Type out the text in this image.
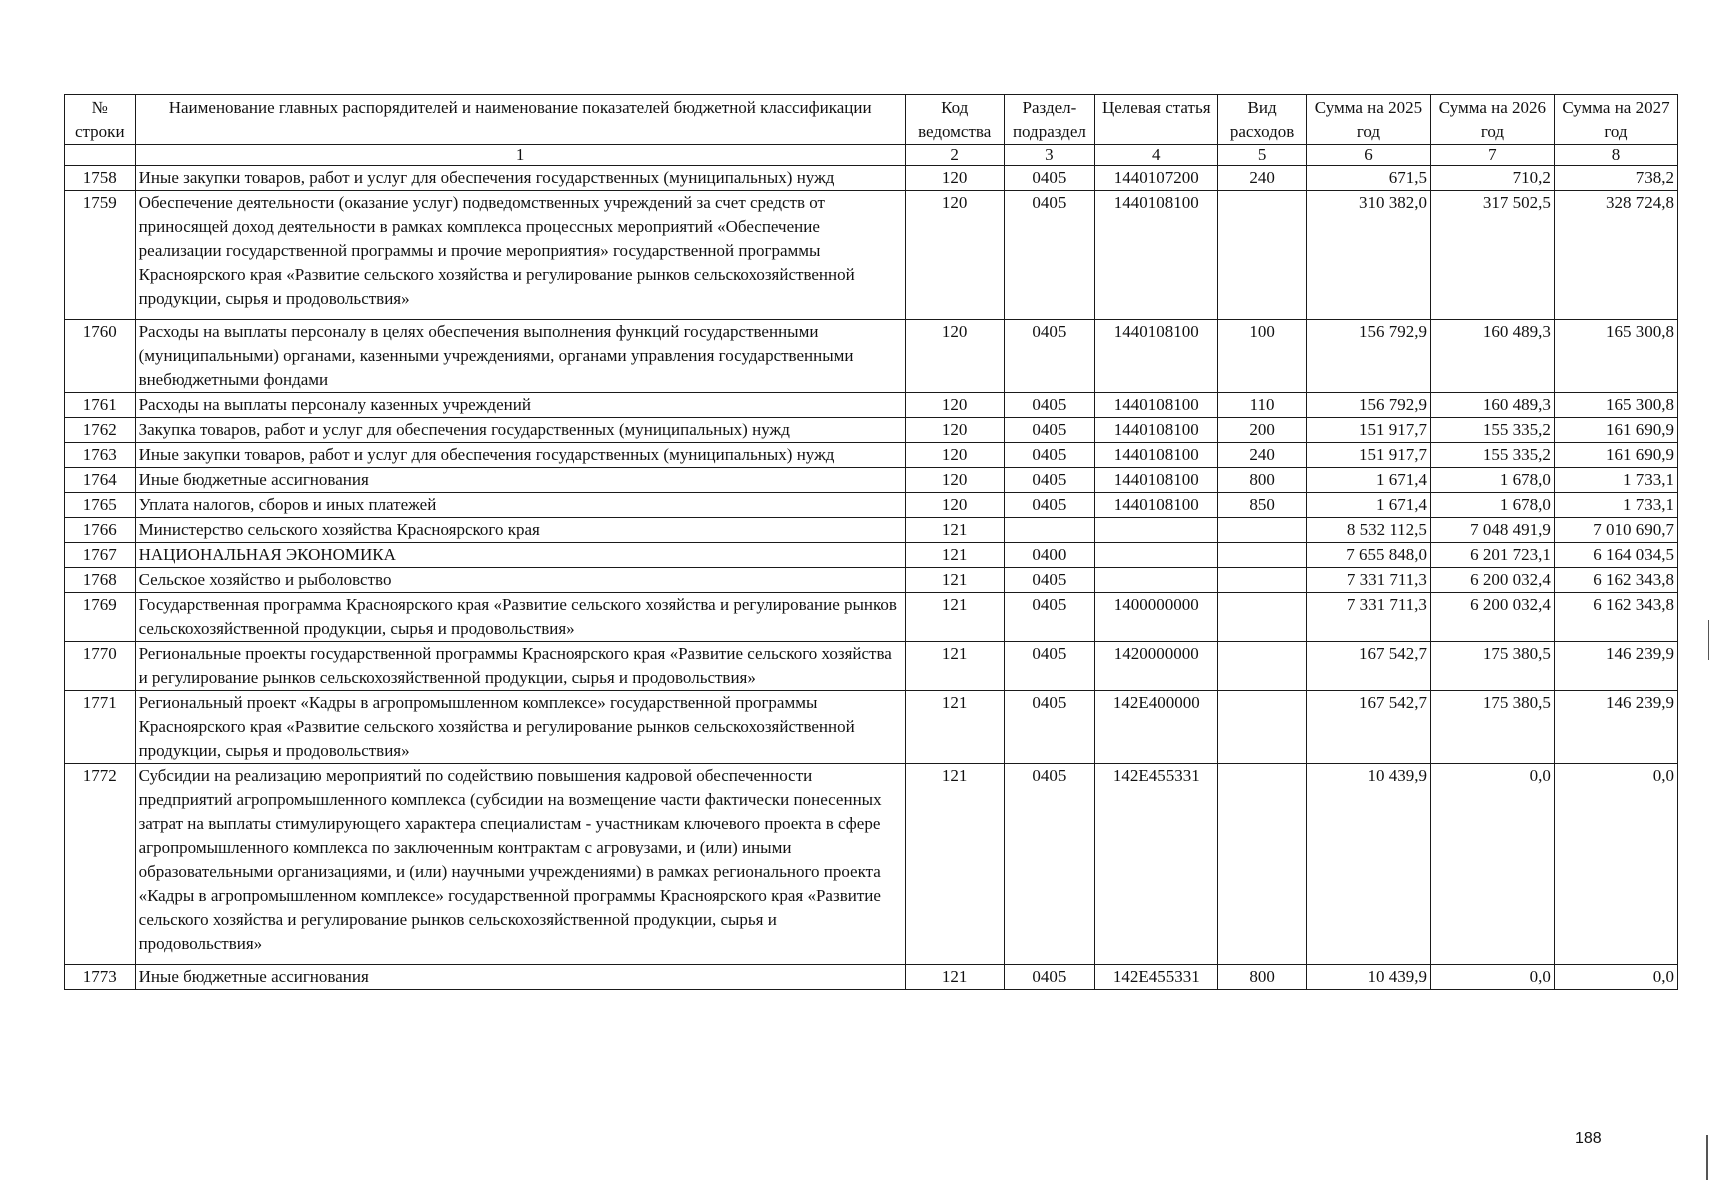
№ строки	Наименование главных распорядителей и наименование показателей бюджетной классификации	Код ведомства	Раздел-подраздел	Целевая статья	Вид расходов	Сумма на 2025 год	Сумма на 2026 год	Сумма на 2027 год
	1	2	3	4	5	6	7	8
1758	Иные закупки товаров, работ и услуг для обеспечения государственных (муниципальных) нужд	120	0405	1440107200	240	671,5	710,2	738,2
1759	Обеспечение деятельности (оказание услуг) подведомственных учреждений за счет средств от приносящей доход деятельности в рамках комплекса процессных мероприятий «Обеспечение реализации государственной программы и прочие мероприятия» государственной программы Красноярского края «Развитие сельского хозяйства и регулирование рынков сельскохозяйственной продукции, сырья и продовольствия»	120	0405	1440108100		310 382,0	317 502,5	328 724,8
1760	Расходы на выплаты персоналу в целях обеспечения выполнения функций государственными (муниципальными) органами, казенными учреждениями, органами управления государственными внебюджетными фондами	120	0405	1440108100	100	156 792,9	160 489,3	165 300,8
1761	Расходы на выплаты персоналу казенных учреждений	120	0405	1440108100	110	156 792,9	160 489,3	165 300,8
1762	Закупка товаров, работ и услуг для обеспечения государственных (муниципальных) нужд	120	0405	1440108100	200	151 917,7	155 335,2	161 690,9
1763	Иные закупки товаров, работ и услуг для обеспечения государственных (муниципальных) нужд	120	0405	1440108100	240	151 917,7	155 335,2	161 690,9
1764	Иные бюджетные ассигнования	120	0405	1440108100	800	1 671,4	1 678,0	1 733,1
1765	Уплата налогов, сборов и иных платежей	120	0405	1440108100	850	1 671,4	1 678,0	1 733,1
1766	Министерство сельского хозяйства Красноярского края	121				8 532 112,5	7 048 491,9	7 010 690,7
1767	НАЦИОНАЛЬНАЯ ЭКОНОМИКА	121	0400			7 655 848,0	6 201 723,1	6 164 034,5
1768	Сельское хозяйство и рыболовство	121	0405			7 331 711,3	6 200 032,4	6 162 343,8
1769	Государственная программа Красноярского края «Развитие сельского хозяйства и регулирование рынков сельскохозяйственной продукции, сырья и продовольствия»	121	0405	1400000000		7 331 711,3	6 200 032,4	6 162 343,8
1770	Региональные проекты государственной программы Красноярского края «Развитие сельского хозяйства и регулирование рынков сельскохозяйственной продукции, сырья и продовольствия»	121	0405	1420000000		167 542,7	175 380,5	146 239,9
1771	Региональный проект «Кадры в агропромышленном комплексе» государственной программы Красноярского края «Развитие сельского хозяйства и регулирование рынков сельскохозяйственной продукции, сырья и продовольствия»	121	0405	142E400000		167 542,7	175 380,5	146 239,9
1772	Субсидии на реализацию мероприятий по содействию повышения кадровой обеспеченности предприятий агропромышленного комплекса (субсидии на возмещение части фактически понесенных затрат на выплаты стимулирующего характера специалистам - участникам ключевого проекта в сфере агропромышленного комплекса по заключенным контрактам с агровузами, и (или) иными образовательными организациями, и (или) научными учреждениями) в рамках регионального проекта «Кадры в агропромышленном комплексе» государственной программы Красноярского края «Развитие сельского хозяйства и регулирование рынков сельскохозяйственной продукции, сырья и продовольствия»	121	0405	142E455331		10 439,9	0,0	0,0
1773	Иные бюджетные ассигнования	121	0405	142E455331	800	10 439,9	0,0	0,0
188
